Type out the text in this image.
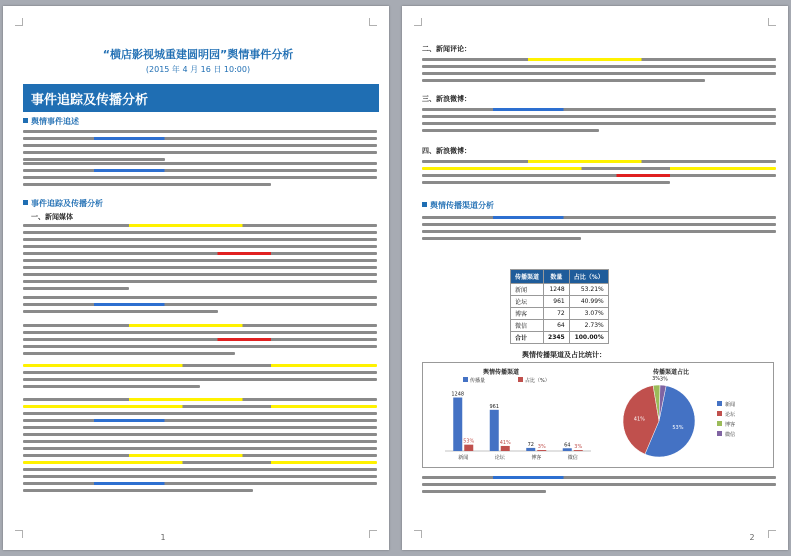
“横店影视城重建圆明园”舆情事件分析
(2015 年 4 月 16 日 10:00)
事件追踪及传播分析
舆情事件追述
事件追踪及传播分析
一、新闻媒体
1
二、新闻评论：
三、新浪微博：
四、新浪微博：
舆情传播渠道分析
传播渠道	数量	占比（%）
新闻	1248	53.21%
论坛	961	40.99%
博客	72	3.07%
微信	64	2.73%
合计	2345	100.00%
舆情传播渠道及占比统计：
舆情传播渠道
传播量	占比（%）
1248
53%
新闻
961
41%
论坛
72 3%
博客
64 3%
微信
传播渠道占比
53%
41%
3% 3%
新闻
论坛
博客
微信
2
